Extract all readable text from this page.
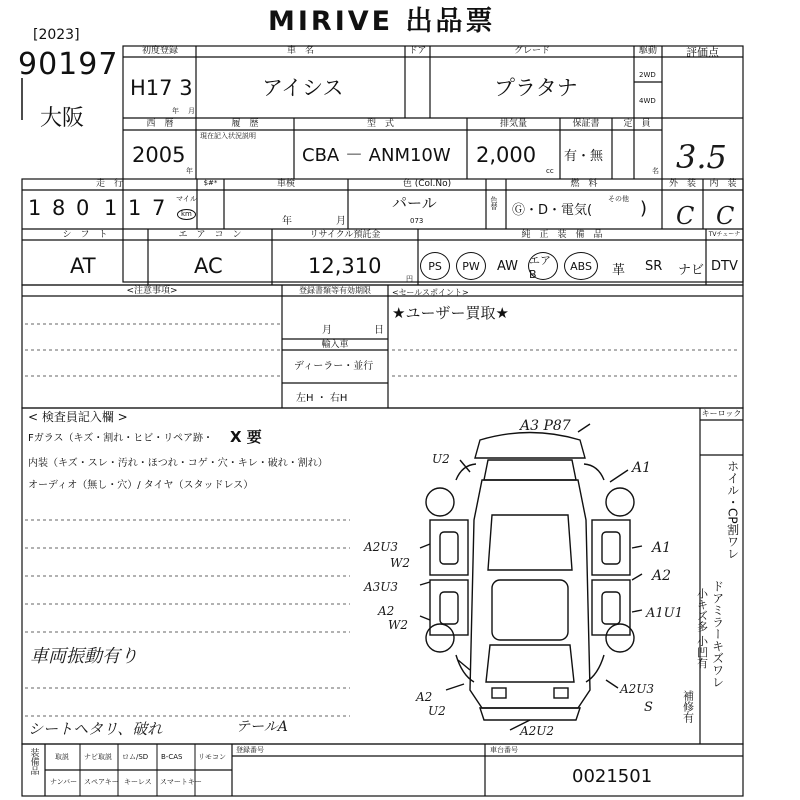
MIRIVE 出品票
[2023]
90197
大阪
初度登録
H17 3
年 月
車　名
アイシス
ドア	グレード
プラタナ
駆動
2WD
4WD
評価点
西　暦
2005
年
履　歴
現在記入状況説明
型　式
CBA － ANM10W
排気量
2,000
cc
保証書
有・無
定　員
名 3.5
走　行
1 8 0 1 1 7 マイル
km
$#*	車検
年	月
色 (Col.No)
パール
073
色替
燃　料
Ⓖ・D・電気(
その他 )
外　装	内　装
C C
シ　フ　ト
AT
エ　ア　コ　ン
AC
リサイクル預託金
12,310
円
純　正　装　備　品
PS	PW	AW エアB
ABS	革 SR ナビ
TVチューナー
DTV
<注意事項>	登録書類等有効期限
月	日
輸入車
ディーラー・並行
左H ・ 右H
<セールスポイント>
★ユーザー買取★
< 検査員記入欄 >
Fガラス（キズ・割れ・ヒビ・リペア跡・ X 要
内装（キズ・スレ・汚れ・ほつれ・コゲ・穴・キレ・破れ・割れ）
オーディオ（無し・穴）/ タイヤ（スタッドレス）
車両振動有り
シートヘタリ、破れ	テールA
A3 P87
U2
A1
A2U3
W2
A1
A3U3
A2
A2
W2
A1U1
A2
U2
A2U3
A2U2
S
キーロック
ホイル・CP割ワレ
ドアミラーキズワレ
小キズ多 小凹有
補修有
装備品 取説 ナビ取説 ロム/SD B-CAS リモコン
ナンバー スペアキー キーレス スマートキー
登録番号	車台番号
0021501
